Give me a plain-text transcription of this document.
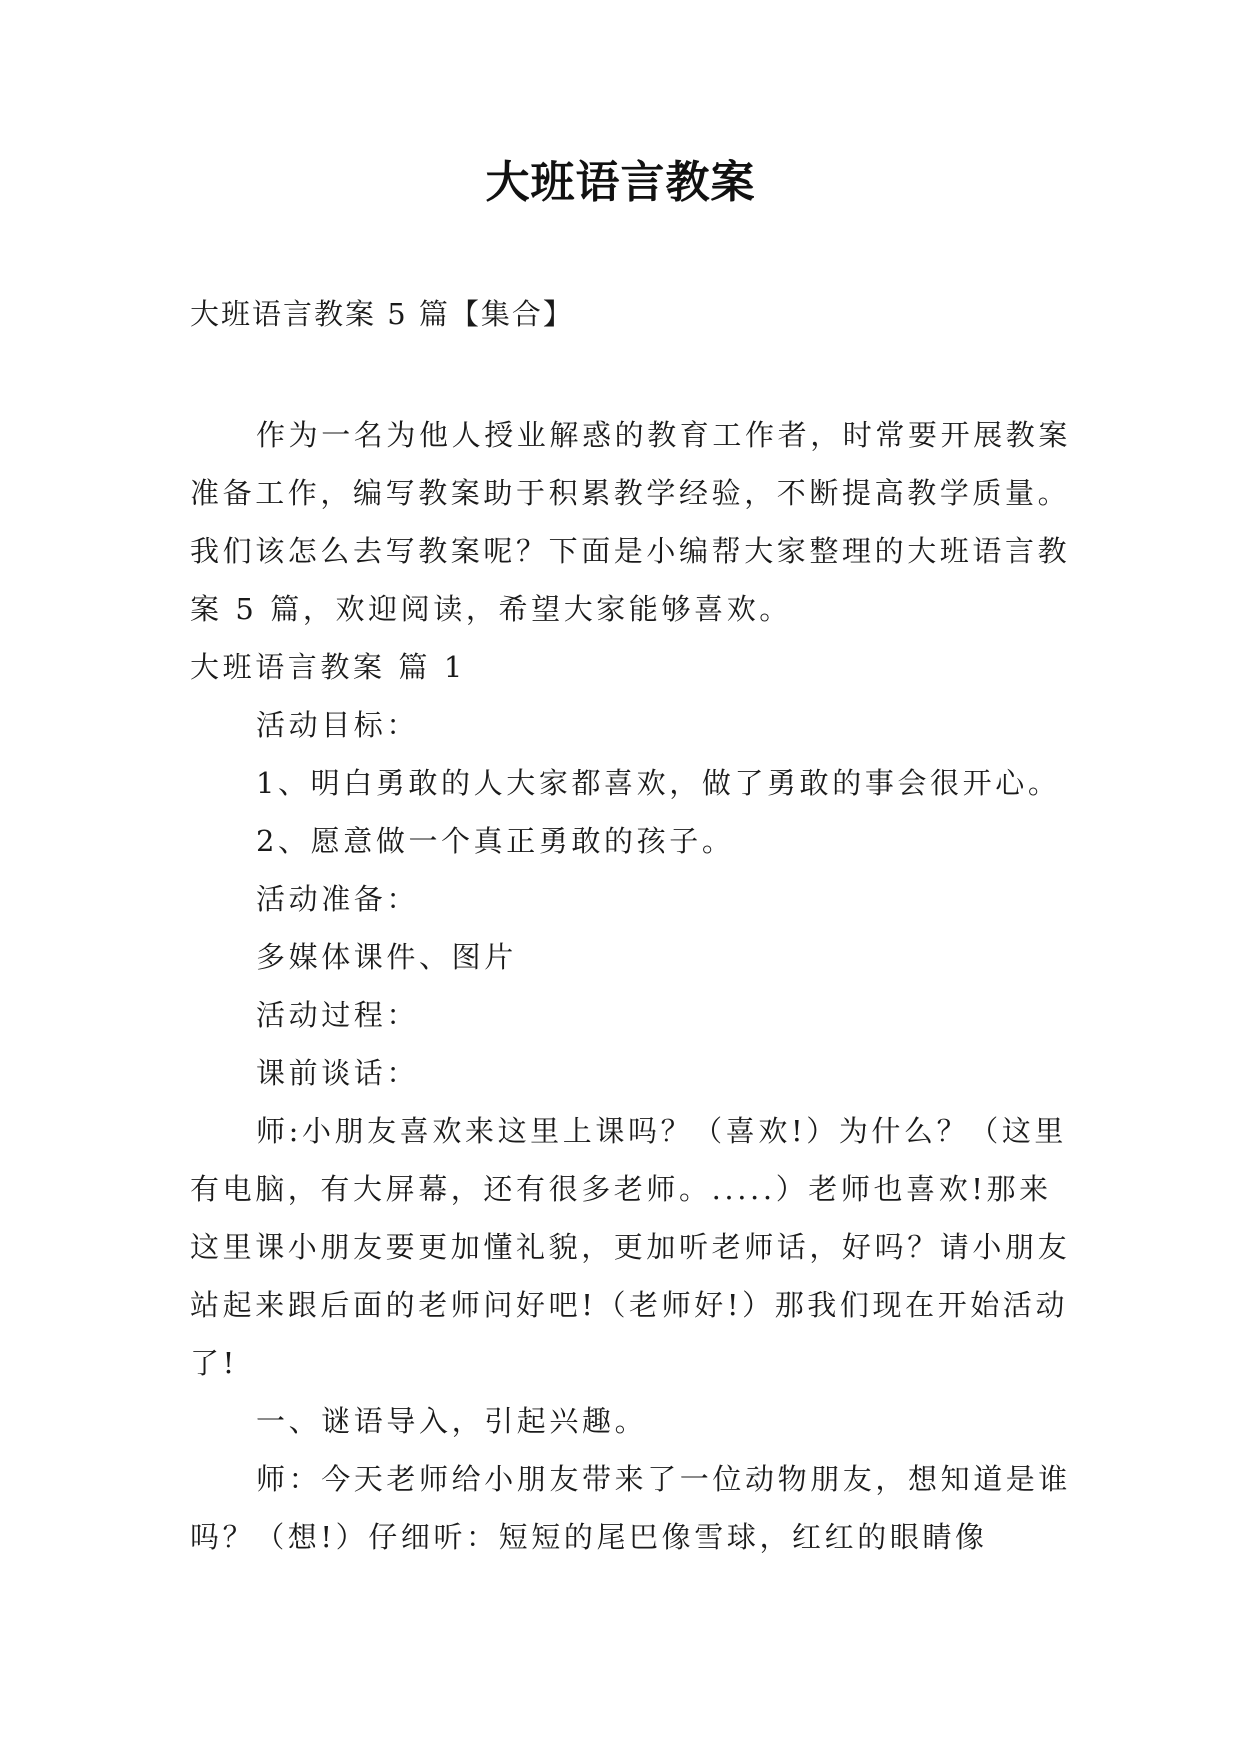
大班语言教案
大班语言教案 5 篇【集合】

作为一名为他人授业解惑的教育工作者，时常要开展教案准备工作，编写教案助于积累教学经验，不断提高教学质量。我们该怎么去写教案呢？下面是小编帮大家整理的大班语言教案 5 篇，欢迎阅读，希望大家能够喜欢。

大班语言教案 篇 1

活动目标：

1、明白勇敢的人大家都喜欢，做了勇敢的事会很开心。

2、愿意做一个真正勇敢的孩子。

活动准备：

多媒体课件、图片

活动过程：

课前谈话：

师:小朋友喜欢来这里上课吗？（喜欢!）为什么？（这里有电脑，有大屏幕，还有很多老师。.....）老师也喜欢!那来这里课小朋友要更加懂礼貌，更加听老师话，好吗？请小朋友站起来跟后面的老师问好吧!（老师好!）那我们现在开始活动了!

一、谜语导入，引起兴趣。

师：今天老师给小朋友带来了一位动物朋友，想知道是谁吗？（想!）仔细听：短短的尾巴像雪球，红红的眼睛像
